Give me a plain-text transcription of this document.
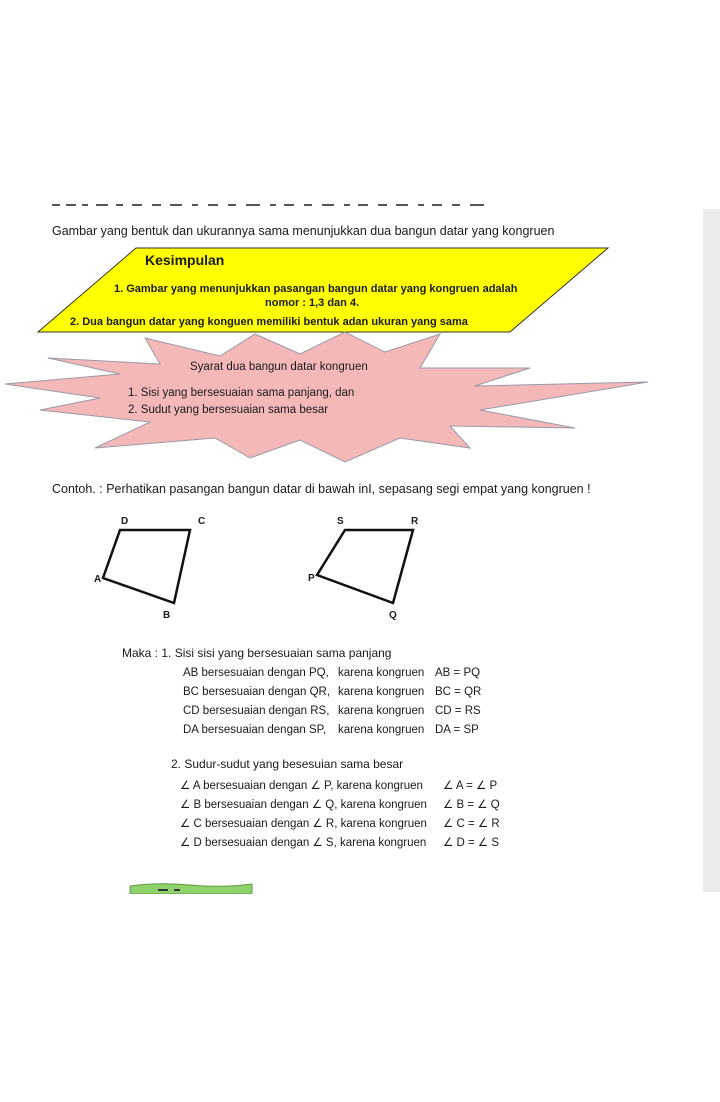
Gambar yang bentuk dan ukurannya sama menunjukkan dua bangun datar yang kongruen
Kesimpulan
1. Gambar yang menunjukkan pasangan bangun datar yang kongruen adalah
nomor : 1,3 dan 4.
2. Dua bangun datar yang konguen memiliki bentuk adan ukuran yang sama
Syarat dua bangun datar kongruen
1. Sisi yang bersesuaian sama panjang, dan
2. Sudut yang bersesuaian sama besar
Contoh. : Perhatikan pasangan bangun datar di bawah inI, sepasang segi empat yang kongruen !
D	C
A
B
S	R
P
Q
Maka : 1. Sisi sisi yang bersesuaian sama panjang
AB bersesuaian dengan PQ, karena kongruen AB = PQ
BC bersesuaian dengan QR, karena kongruen BC = QR
CD bersesuaian dengan RS, karena kongruen CD = RS
DA bersesuaian dengan SP, karena kongruen DA = SP
2. Sudur-sudut yang besesuian sama besar
∠ A bersesuaian dengan ∠ P, karena kongruen ∠ A = ∠ P
∠ B bersesuaian dengan ∠ Q, karena kongruen ∠ B = ∠ Q
∠ C bersesuaian dengan ∠ R, karena kongruen ∠ C = ∠ R
∠ D bersesuaian dengan ∠ S, karena kongruen ∠ D = ∠ S
